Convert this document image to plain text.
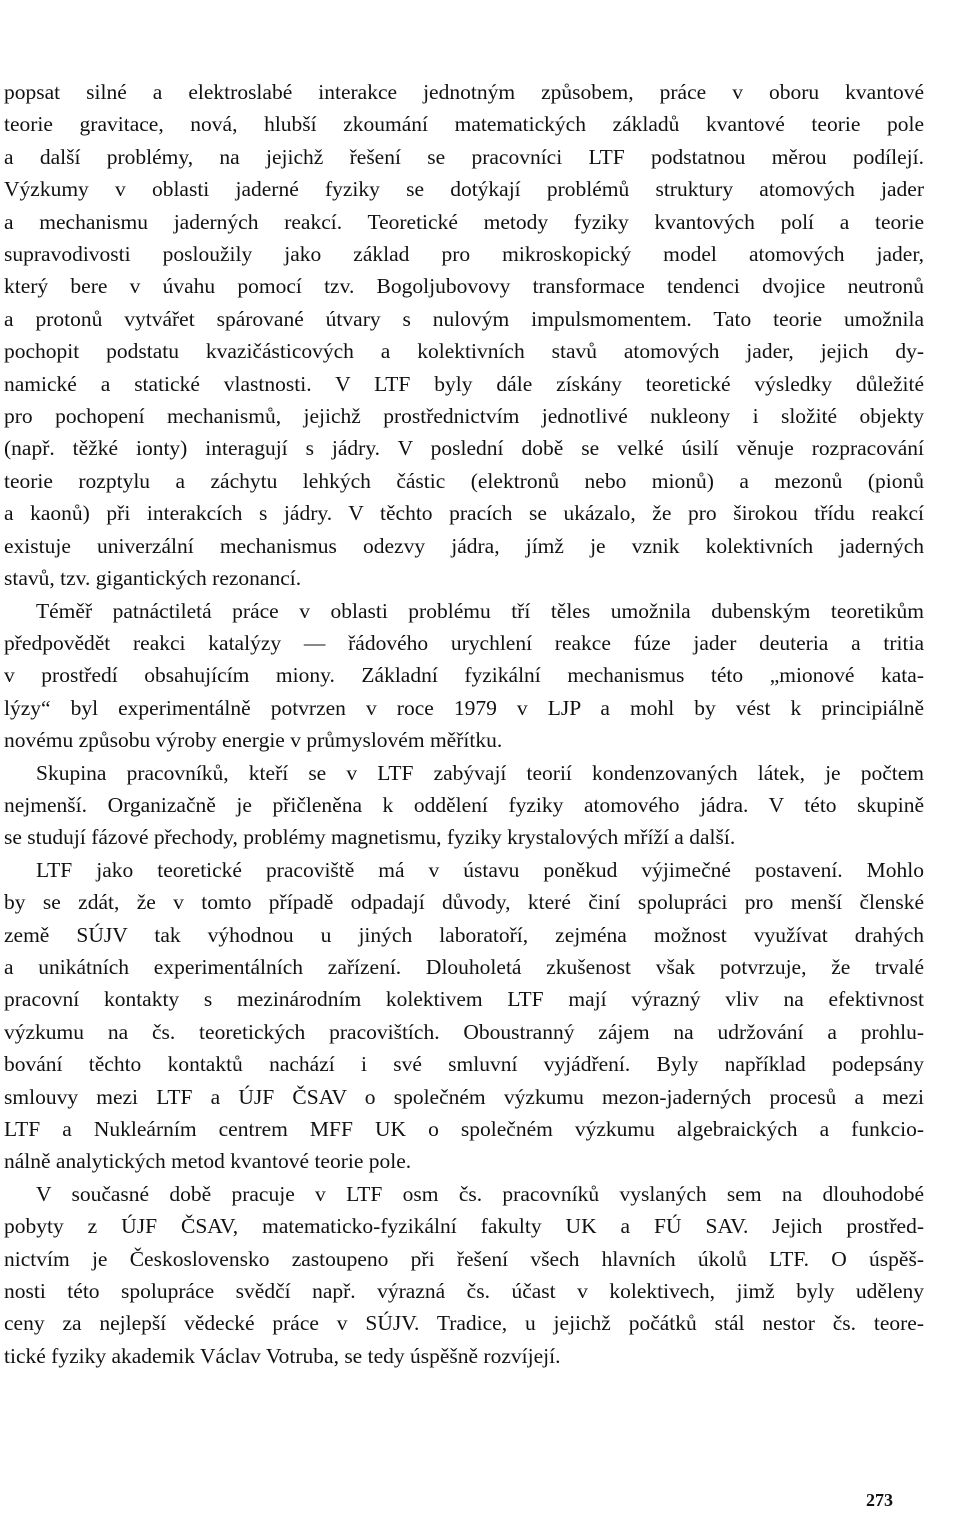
popsat silné a elektroslabé interakce jednotným způsobem, práce v oboru kvantové
teorie gravitace, nová, hlubší zkoumání matematických základů kvantové teorie pole
a další problémy, na jejichž řešení se pracovníci LTF podstatnou měrou podílejí.
Výzkumy v oblasti jaderné fyziky se dotýkají problémů struktury atomových jader
a mechanismu jaderných reakcí. Teoretické metody fyziky kvantových polí a teorie
supravodivosti posloužily jako základ pro mikroskopický model atomových jader,
který bere v úvahu pomocí tzv. Bogoljubovovy transformace tendenci dvojice neutronů
a protonů vytvářet spárované útvary s nulovým impulsmomentem. Tato teorie umožnila
pochopit podstatu kvazičásticových a kolektivních stavů atomových jader, jejich dy-
namické a statické vlastnosti. V LTF byly dále získány teoretické výsledky důležité
pro pochopení mechanismů, jejichž prostřednictvím jednotlivé nukleony i složité objekty
(např. těžké ionty) interagují s jádry. V poslední době se velké úsilí věnuje rozpracování
teorie rozptylu a záchytu lehkých částic (elektronů nebo mionů) a mezonů (pionů
a kaonů) při interakcích s jádry. V těchto pracích se ukázalo, že pro širokou třídu reakcí
existuje univerzální mechanismus odezvy jádra, jímž je vznik kolektivních jaderných
stavů, tzv. gigantických rezonancí.
Téměř patnáctiletá práce v oblasti problému tří těles umožnila dubenským teoretikům
předpovědět reakci katalýzy — řádového urychlení reakce fúze jader deuteria a tritia
v prostředí obsahujícím miony. Základní fyzikální mechanismus této „mionové kata-
lýzy“ byl experimentálně potvrzen v roce 1979 v LJP a mohl by vést k principiálně
novému způsobu výroby energie v průmyslovém měřítku.
Skupina pracovníků, kteří se v LTF zabývají teorií kondenzovaných látek, je počtem
nejmenší. Organizačně je přičleněna k oddělení fyziky atomového jádra. V této skupině
se studují fázové přechody, problémy magnetismu, fyziky krystalových mříží a další.
LTF jako teoretické pracoviště má v ústavu poněkud výjimečné postavení. Mohlo
by se zdát, že v tomto případě odpadají důvody, které činí spolupráci pro menší členské
země SÚJV tak výhodnou u jiných laboratoří, zejména možnost využívat drahých
a unikátních experimentálních zařízení. Dlouholetá zkušenost však potvrzuje, že trvalé
pracovní kontakty s mezinárodním kolektivem LTF mají výrazný vliv na efektivnost
výzkumu na čs. teoretických pracovištích. Oboustranný zájem na udržování a prohlu-
bování těchto kontaktů nachází i své smluvní vyjádření. Byly například podepsány
smlouvy mezi LTF a ÚJF ČSAV o společném výzkumu mezon-jaderných procesů a mezi
LTF a Nukleárním centrem MFF UK o společném výzkumu algebraických a funkcio-
nálně analytických metod kvantové teorie pole.
V současné době pracuje v LTF osm čs. pracovníků vyslaných sem na dlouhodobé
pobyty z ÚJF ČSAV, matematicko-fyzikální fakulty UK a FÚ SAV. Jejich prostřed-
nictvím je Československo zastoupeno při řešení všech hlavních úkolů LTF. O úspěš-
nosti této spolupráce svědčí např. výrazná čs. účast v kolektivech, jimž byly uděleny
ceny za nejlepší vědecké práce v SÚJV. Tradice, u jejichž počátků stál nestor čs. teore-
tické fyziky akademik Václav Votruba, se tedy úspěšně rozvíjejí.
273
